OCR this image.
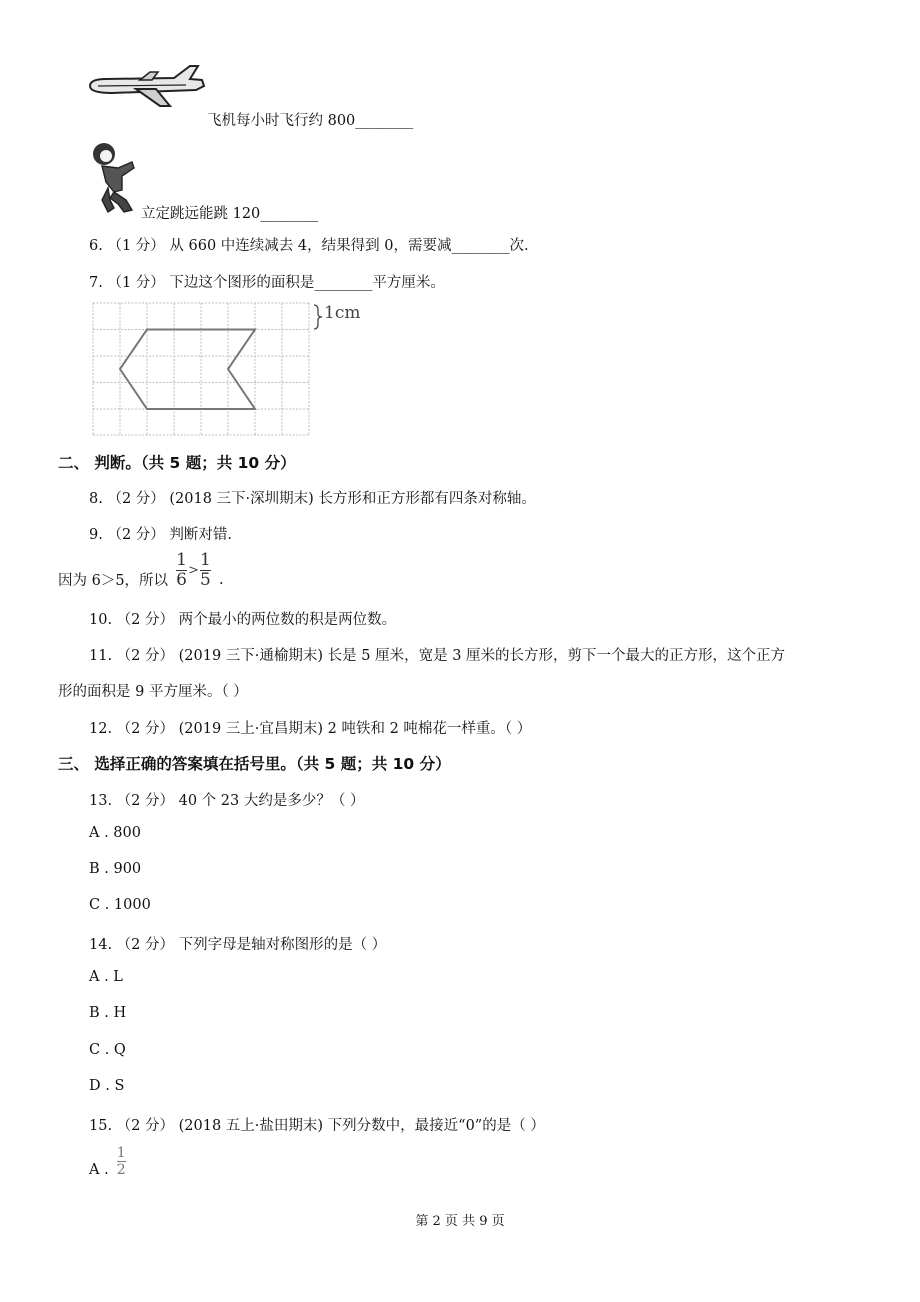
飞机每小时飞行约 800________
立定跳远能跳 120________
6. （1 分） 从 660 中连续减去 4，结果得到 0，需要减________次.
7. （1 分） 下边这个图形的面积是________平方厘米。
1cm
二、 判断。（共 5 题；共 10 分）
8. （2 分） (2018 三下·深圳期末) 长方形和正方形都有四条对称轴。
9. （2 分） 判断对错.
因为 6＞5，所以 $\frac{1}{6} > \frac{1}{5}$ .
10. （2 分） 两个最小的两位数的积是两位数。
11. （2 分） (2019 三下·通榆期末) 长是 5 厘米，宽是 3 厘米的长方形，剪下一个最大的正方形，这个正方
形的面积是 9 平方厘米。（ ）
12. （2 分） (2019 三上·宜昌期末) 2 吨铁和 2 吨棉花一样重。（ ）
三、 选择正确的答案填在括号里。（共 5 题；共 10 分）
13. （2 分） 40 个 23 大约是多少？（ ）
A . 800
B . 900
C . 1000
14. （2 分） 下列字母是轴对称图形的是（ ）
A . L
B . H
C . Q
D . S
15. （2 分） (2018 五上·盐田期末) 下列分数中，最接近“0”的是（ ）
A . $\frac{1}{2}$
第 2 页 共 9 页
